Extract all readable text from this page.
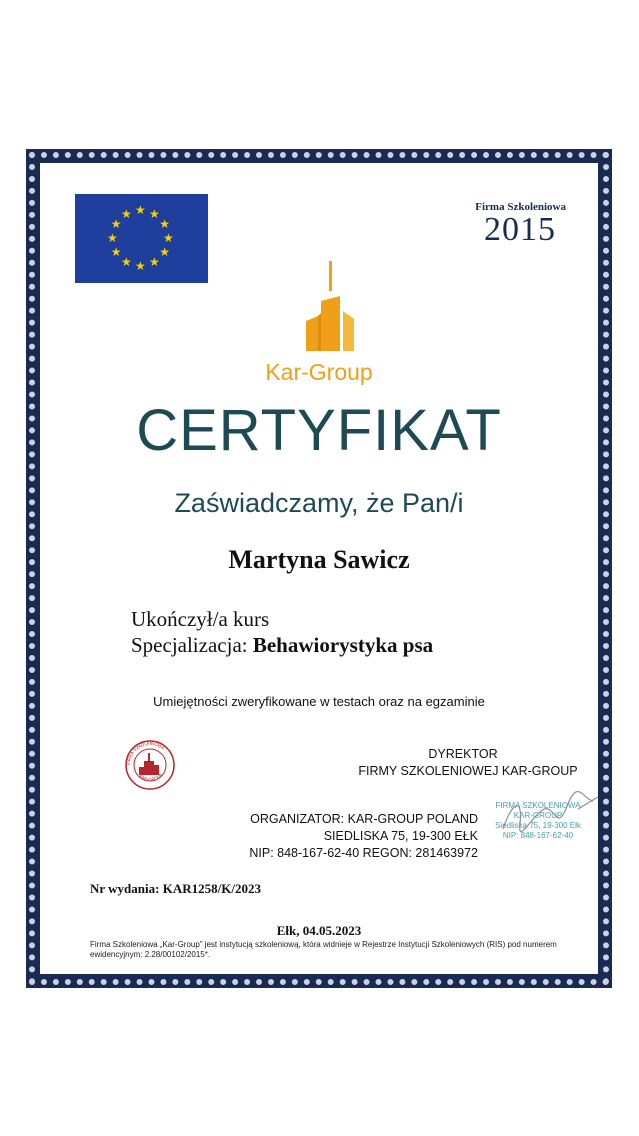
★ ★
★
★
★
★
★
★
★
★
★
★	Firma Szkoleniowa
2015
Kar-Group
CERTYFIKAT
Zaświadczamy, że Pan/i
Martyna Sawicz
Ukończył/a kurs
Specjalizacja: Behawiorystyka psa
Umiejętności zweryfikowane w testach oraz na egzaminie
FIRMA SZKOLENIOWA
KAR-GROUP
DYREKTOR
FIRMY SZKOLENIOWEJ KAR-GROUP
ORGANIZATOR: KAR-GROUP POLAND
SIEDLISKA 75, 19-300 EŁK
NIP: 848-167-62-40 REGON: 281463972
FIRMA SZKOLENIOWA
KAR-GROUP
Siedliska 75, 19-300 Ełk
NIP: 848-167-62-40
Nr wydania: KAR1258/K/2023
Ełk, 04.05.2023
Firma Szkoleniowa „Kar-Group” jest instytucją szkoleniową, która widnieje w Rejestrze Instytucji Szkoleniowych (RIS) pod numerem ewidencyjnym: 2.28/00102/2015*.
